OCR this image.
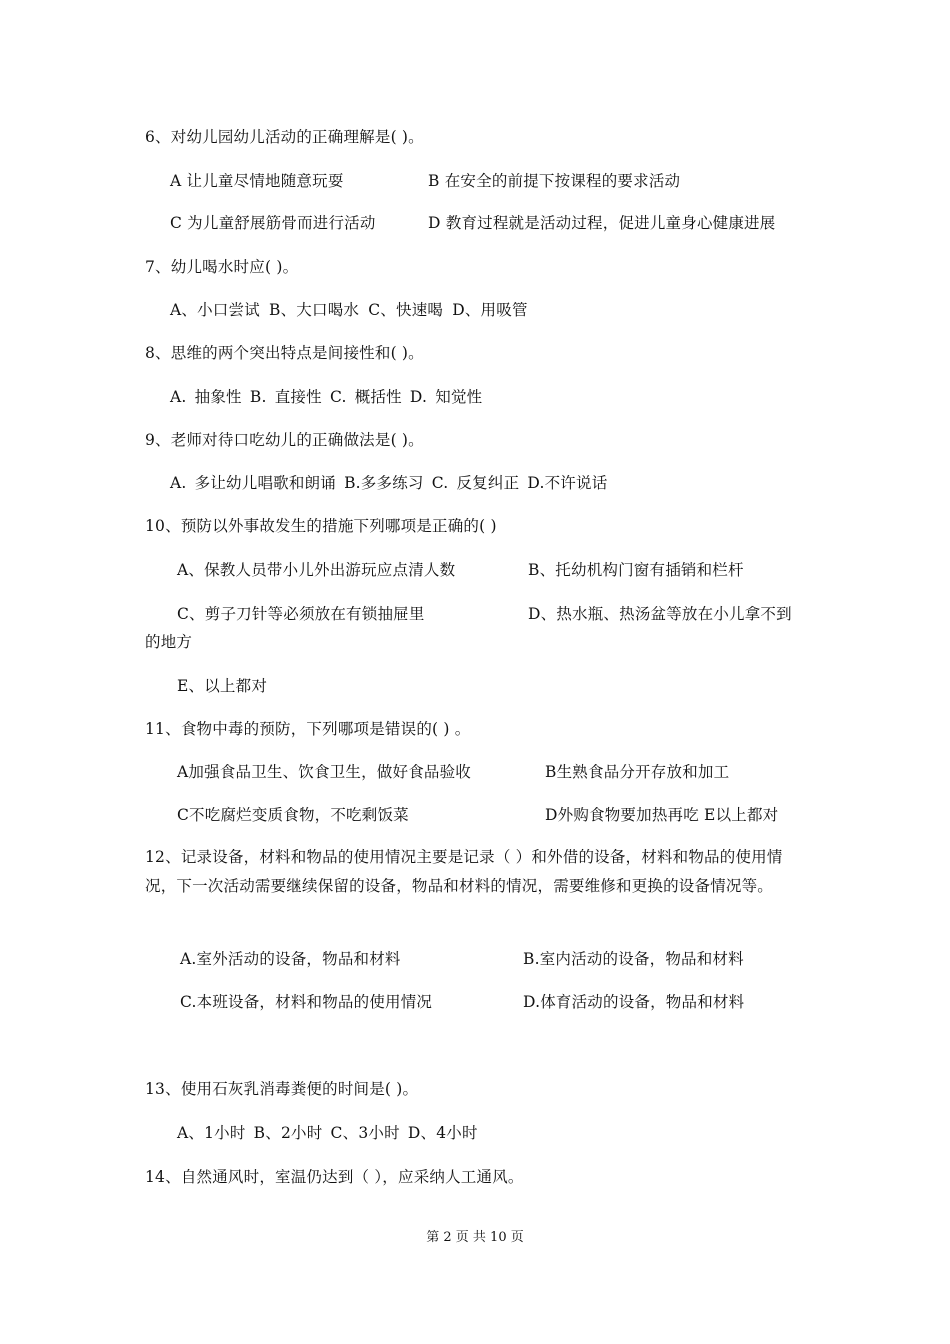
6、对幼儿园幼儿活动的正确理解是( )。
A 让儿童尽情地随意玩耍	B 在安全的前提下按课程的要求活动
C 为儿童舒展筋骨而进行活动	D 教育过程就是活动过程，促进儿童身心健康进展
7、幼儿喝水时应( )。
A、小口尝试 B、大口喝水 C、快速喝 D、用吸管
8、思维的两个突出特点是间接性和( )。
A. 抽象性 B. 直接性 C. 概括性 D. 知觉性
9、老师对待口吃幼儿的正确做法是( )。
A. 多让幼儿唱歌和朗诵 B.多多练习 C. 反复纠正 D.不许说话
10、预防以外事故发生的措施下列哪项是正确的( )
A、保教人员带小儿外出游玩应点清人数	B、托幼机构门窗有插销和栏杆
C、剪子刀针等必须放在有锁抽屉里	D、热水瓶、热汤盆等放在小儿拿不到
的地方
E、以上都对
11、食物中毒的预防，下列哪项是错误的( ) 。
A加强食品卫生、饮食卫生，做好食品验收	B生熟食品分开存放和加工
C不吃腐烂变质食物，不吃剩饭菜	D外购食物要加热再吃 E以上都对
12、记录设备，材料和物品的使用情况主要是记录（ ）和外借的设备，材料和物品的使用情况，下一次活动需要继续保留的设备，物品和材料的情况，需要维修和更换的设备情况等。
A.室外活动的设备，物品和材料	B.室内活动的设备，物品和材料
C.本班设备，材料和物品的使用情况	D.体育活动的设备，物品和材料
13、使用石灰乳消毒粪便的时间是( )。
A、1小时 B、2小时 C、3小时 D、4小时
14、自然通风时，室温仍达到（ ），应采纳人工通风。
第 2 页 共 10 页
